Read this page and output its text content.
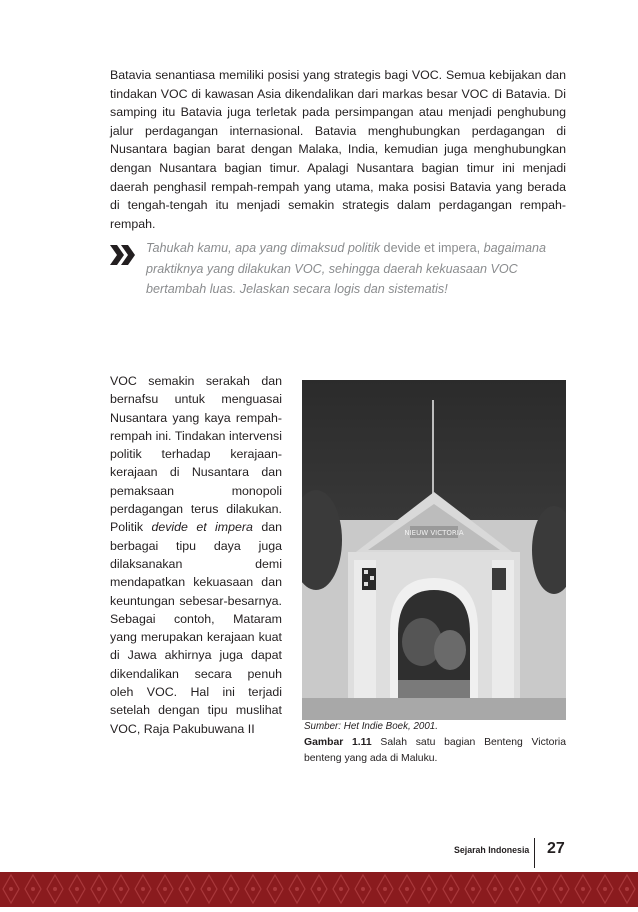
Batavia senantiasa memiliki posisi yang strategis bagi VOC. Semua kebijakan dan tindakan VOC di kawasan Asia dikendalikan dari markas besar VOC di Batavia. Di samping itu Batavia juga terletak pada persimpangan atau menjadi penghubung jalur perdagangan internasional. Batavia menghubungkan perdagangan di Nusantara bagian barat dengan Malaka, India, kemudian juga menghubungkan dengan Nusantara bagian timur. Apalagi Nusantara bagian timur ini menjadi daerah penghasil rempah-rempah yang utama, maka posisi Batavia yang berada di tengah-tengah itu menjadi semakin strategis dalam perdagangan rempah-rempah.

Tahukah kamu, apa yang dimaksud politik devide et impera, bagaimana praktiknya yang dilakukan VOC, sehingga daerah kekuasaan VOC bertambah luas. Jelaskan secara logis dan sistematis!

VOC semakin serakah dan bernafsu untuk menguasai Nusantara yang kaya rempah-rempah ini. Tindakan intervensi politik terhadap kerajaan-kerajaan di Nusantara dan pemaksaan monopoli perdagangan terus dilakukan. Politik devide et impera dan berbagai tipu daya juga dilaksanakan demi mendapatkan kekuasaan dan keuntungan sebesar-besarnya. Sebagai contoh, Mataram yang merupakan kerajaan kuat di Jawa akhirnya juga dapat dikendalikan secara penuh oleh VOC. Hal ini terjadi setelah dengan tipu muslihat VOC, Raja Pakubuwana II

NIEUW VICTORIA

Sumber: Het Indie Boek, 2001.

Gambar 1.11 Salah satu bagian Benteng Victoria benteng yang ada di Maluku.

Sejarah Indonesia 27
